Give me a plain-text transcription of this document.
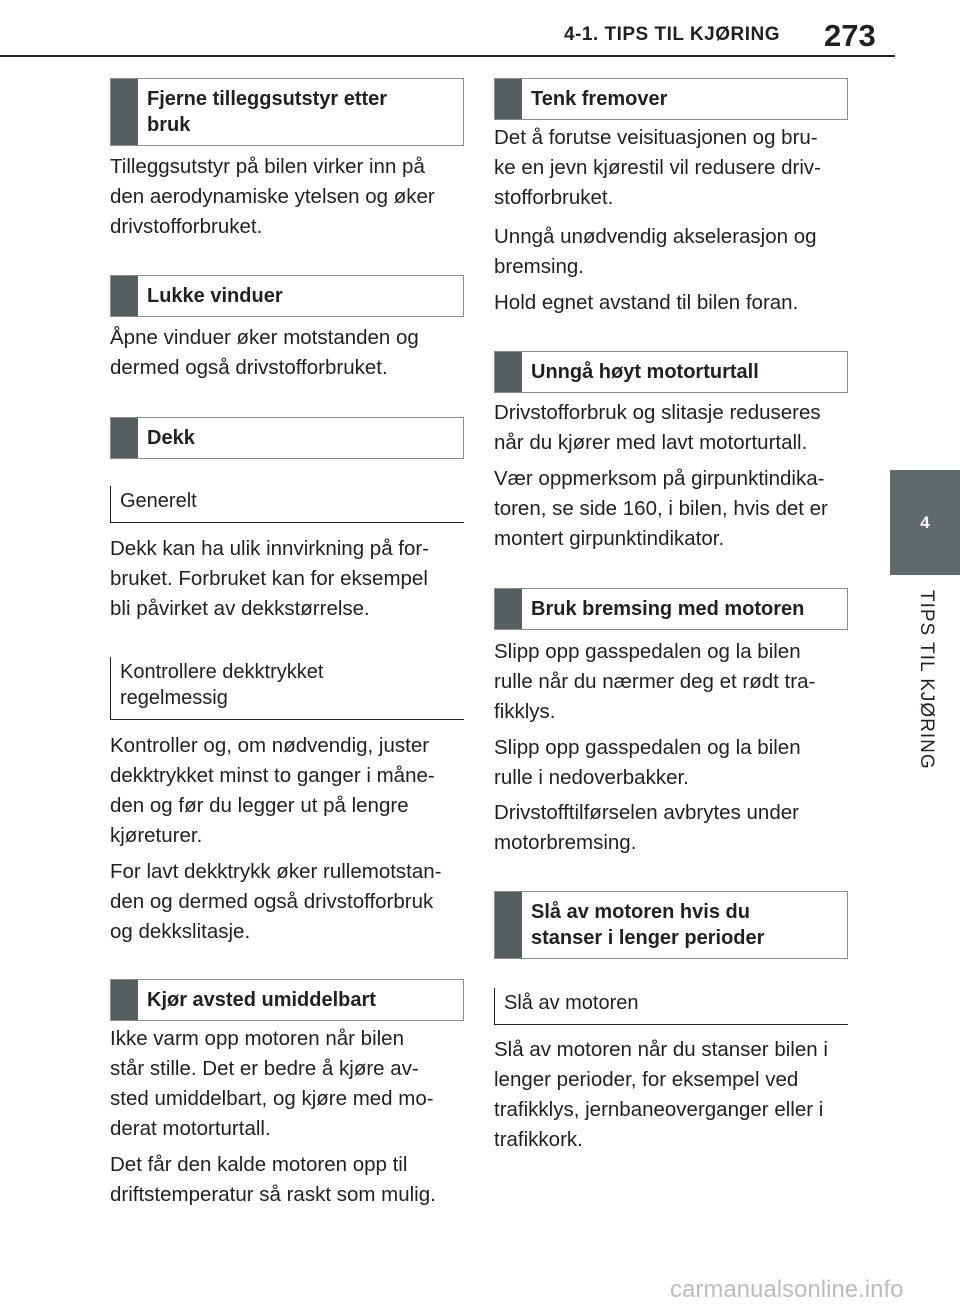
4-1. TIPS TIL KJØRING 273
4
TIPS TIL KJØRING
Fjerne tilleggsutstyr etter
bruk

Tilleggsutstyr på bilen virker inn på
den aerodynamiske ytelsen og øker
drivstofforbruket.

Lukke vinduer

Åpne vinduer øker motstanden og
dermed også drivstofforbruket.

Dekk
Generelt

Dekk kan ha ulik innvirkning på for-
bruket. Forbruket kan for eksempel
bli påvirket av dekkstørrelse.

Kontrollere dekktrykket
regelmessig

Kontroller og, om nødvendig, juster
dekktrykket minst to ganger i måne-
den og før du legger ut på lengre
kjøreturer.

For lavt dekktrykk øker rullemotstan-
den og dermed også drivstofforbruk
og dekkslitasje.

Kjør avsted umiddelbart

Ikke varm opp motoren når bilen
står stille. Det er bedre å kjøre av-
sted umiddelbart, og kjøre med mo-
derat motorturtall.

Det får den kalde motoren opp til
driftstemperatur så raskt som mulig.

Tenk fremover

Det å forutse veisituasjonen og bru-
ke en jevn kjørestil vil redusere driv-
stofforbruket.

Unngå unødvendig akselerasjon og
bremsing.

Hold egnet avstand til bilen foran.

Unngå høyt motorturtall

Drivstofforbruk og slitasje reduseres
når du kjører med lavt motorturtall.

Vær oppmerksom på girpunktindika-
toren, se side 160, i bilen, hvis det er
montert girpunktindikator.

Bruk bremsing med motoren

Slipp opp gasspedalen og la bilen
rulle når du nærmer deg et rødt tra-
fikklys.

Slipp opp gasspedalen og la bilen
rulle i nedoverbakker.

Drivstofftilførselen avbrytes under
motorbremsing.

Slå av motoren hvis du
stanser i lenger perioder
Slå av motoren

Slå av motoren når du stanser bilen i
lenger perioder, for eksempel ved
trafikklys, jernbaneoverganger eller i
trafikkork.

carmanualsonline.info
